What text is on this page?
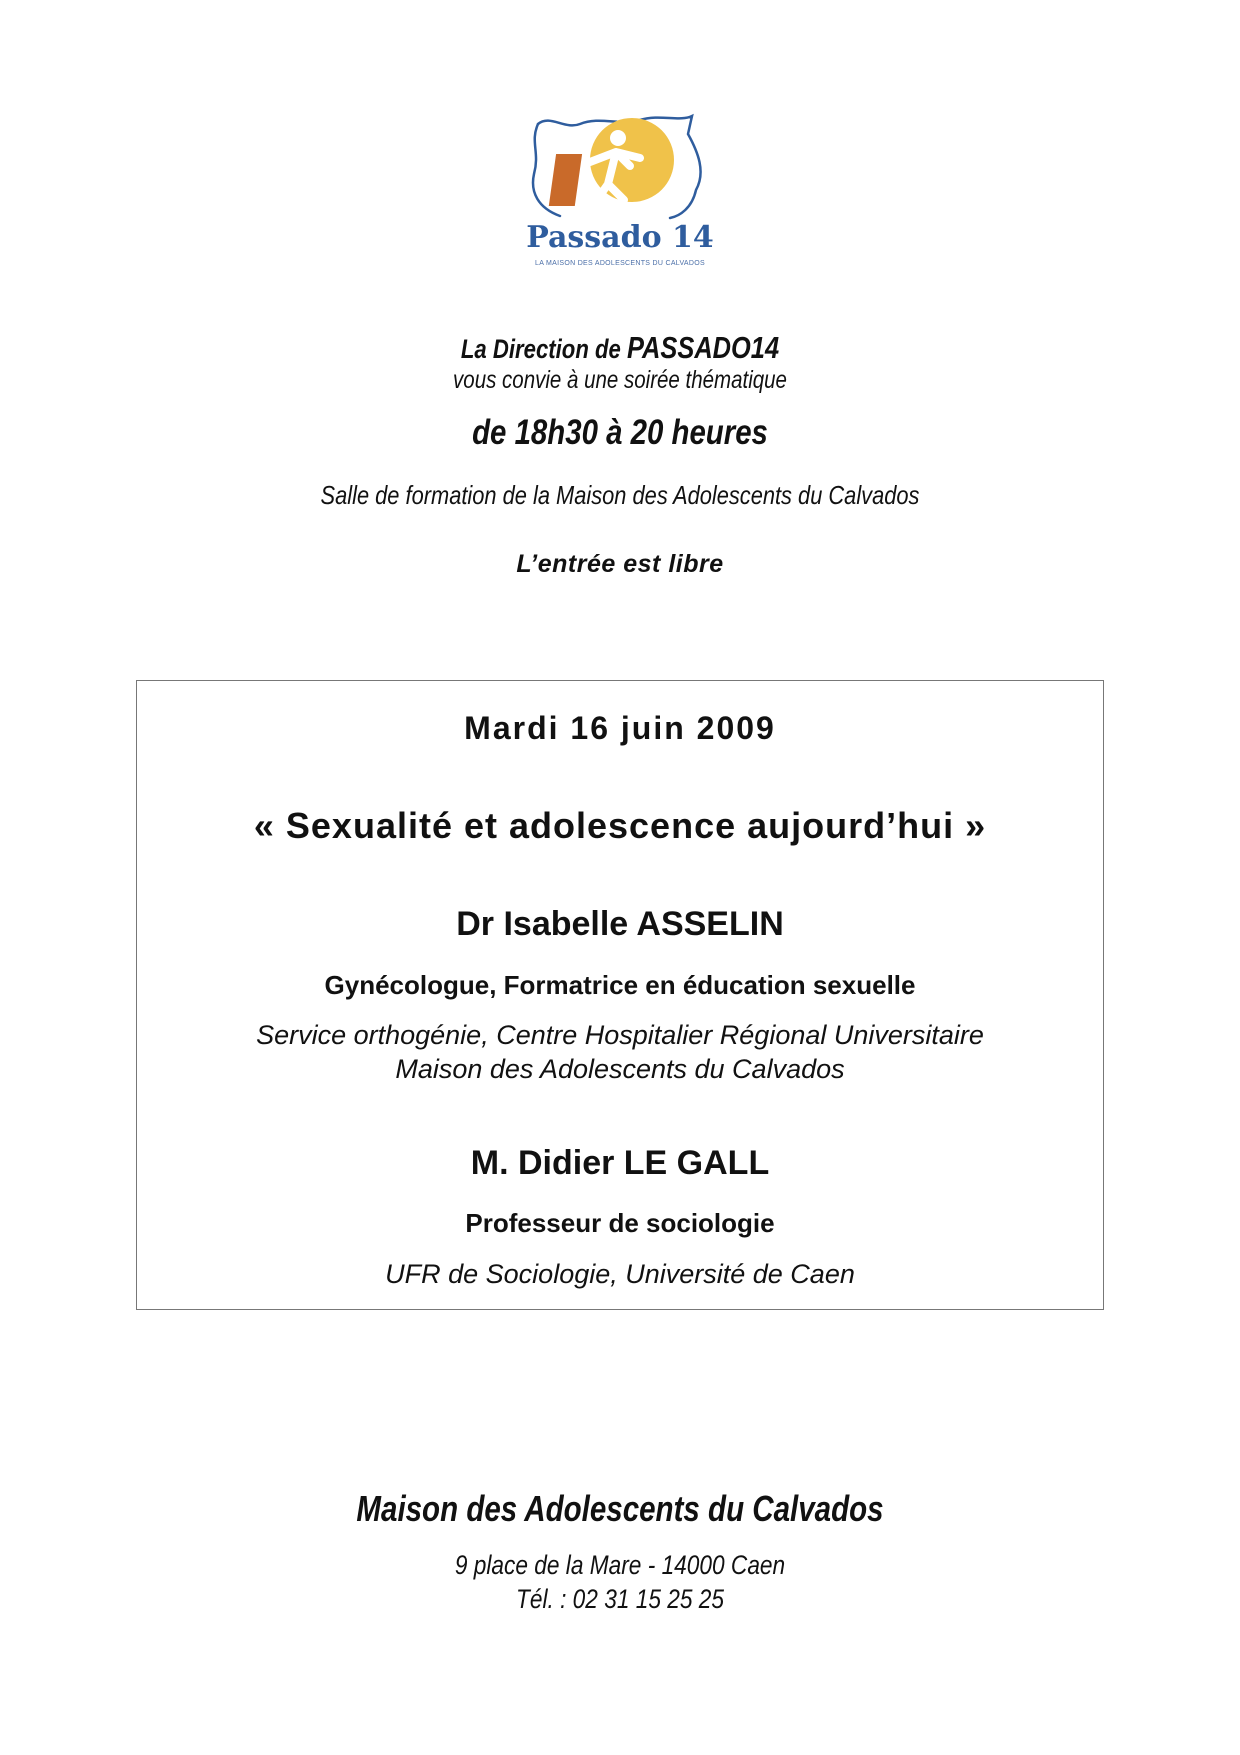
Passado 14
LA MAISON DES ADOLESCENTS DU CALVADOS
La Direction de PASSADO14
vous convie à une soirée thématique
de 18h30 à 20 heures
Salle de formation de la Maison des Adolescents du Calvados
L’entrée est libre
Mardi 16 juin 2009
« Sexualité et adolescence aujourd’hui »
Dr Isabelle ASSELIN
Gynécologue, Formatrice en éducation sexuelle
Service orthogénie, Centre Hospitalier Régional Universitaire
Maison des Adolescents du Calvados
M. Didier LE GALL
Professeur de sociologie
UFR de Sociologie, Université de Caen
Maison des Adolescents du Calvados
9 place de la Mare - 14000 Caen
Tél. : 02 31 15 25 25
